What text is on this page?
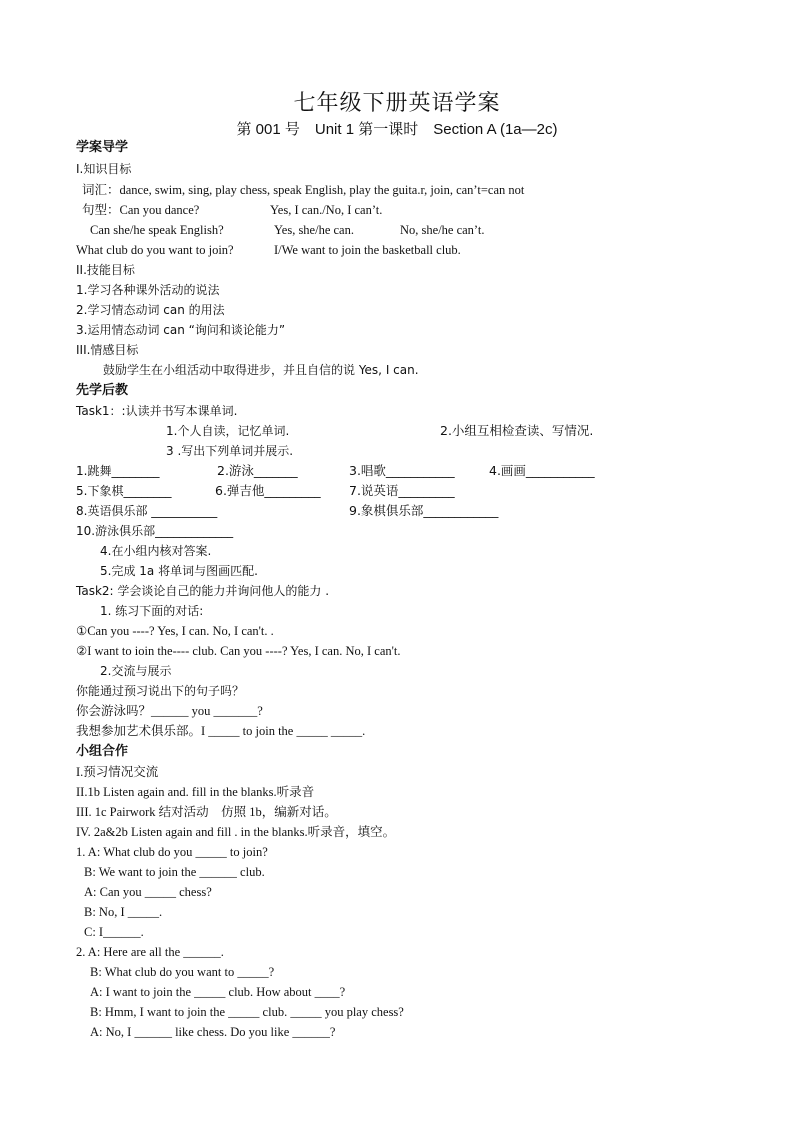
七年级下册英语学案
第 001 号　Unit 1 第一课时　Section A (1a—2c)
学案导学
I.知识目标
词汇：dance, swim, sing, play chess, speak English, play the guita.r, join, can’t=can not
句型：Can you dance?	Yes, I can./No, I can’t.
Can she/he speak English?	Yes, she/he can.	No, she/he can’t.
What club do you want to join?	I/We want to join the basketball club.
II.技能目标
1.学习各种课外活动的说法
2.学习情态动词 can 的用法
3.运用情态动词 can “询问和谈论能力”
III.情感目标
鼓励学生在小组活动中取得进步，并且自信的说 Yes, I can.
先学后教
Task1：:认读并书写本课单词.
1.个人自读，记忆单词.	2.小组互相检查读、写情况.
3 .写出下列单词并展示.
1.跳舞________	2.游泳_______	3.唱歌___________	4.画画___________
5.下象棋________	6.弹吉他_________ 7.说英语_________
8.英语俱乐部 ___________	9.象棋俱乐部____________
10.游泳俱乐部_____________
4.在小组内核对答案.
5.完成 1a 将单词与图画匹配.
Task2: 学会谈论自己的能力并询问他人的能力 .
1. 练习下面的对话:
①Can you ----? Yes, I can. No, I can't. .
②I want to ioin the---- club. Can you ----? Yes, I can. No, I can't.
2.交流与展示
你能通过预习说出下的句子吗？
你会游泳吗？______ you _______?
我想参加艺术俱乐部。I _____ to join the _____ _____.
小组合作
I.预习情况交流
II.1b Listen again and. fill in the blanks.听录音
III. 1c Pairwork 结对活动　仿照 1b，编新对话。
IV. 2a&2b Listen again and fill . in the blanks.听录音，填空。
1. A: What club do you _____ to join?
B: We want to join the ______ club.
A: Can you _____ chess?
B: No, I _____.
C: I______.
2. A: Here are all the ______.
B: What club do you want to _____?
A: I want to join the _____ club. How about ____?
B: Hmm, I want to join the _____ club. _____ you play chess?
A: No, I ______ like chess. Do you like ______?
